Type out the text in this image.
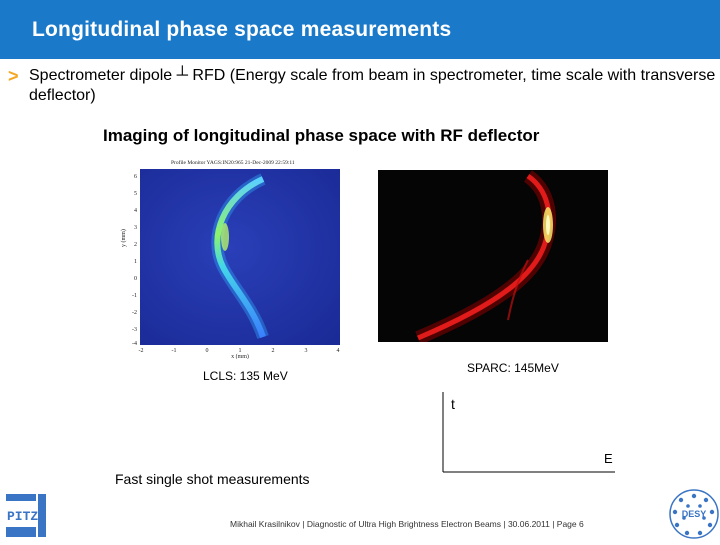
Longitudinal phase space measurements
> Spectrometer dipole ┴ RFD (Energy scale from beam in spectrometer, time scale with transverse deflector)
Imaging of longitudinal phase space with RF deflector
Profile Monitor YAGS:IN20:965 21-Dec-2009 22:59:11
6
5
4
3
2
1
0
-1
-2
-3
-4
y (mm)
-2	-1	0	1	2	3	4
x (mm)
LCLS: 135 MeV
SPARC: 145MeV
t
E
Fast single shot measurements
PITZ	Mikhail Krasilnikov | Diagnostic of Ultra High Brightness Electron Beams | 30.06.2011 | Page 6
DESY
